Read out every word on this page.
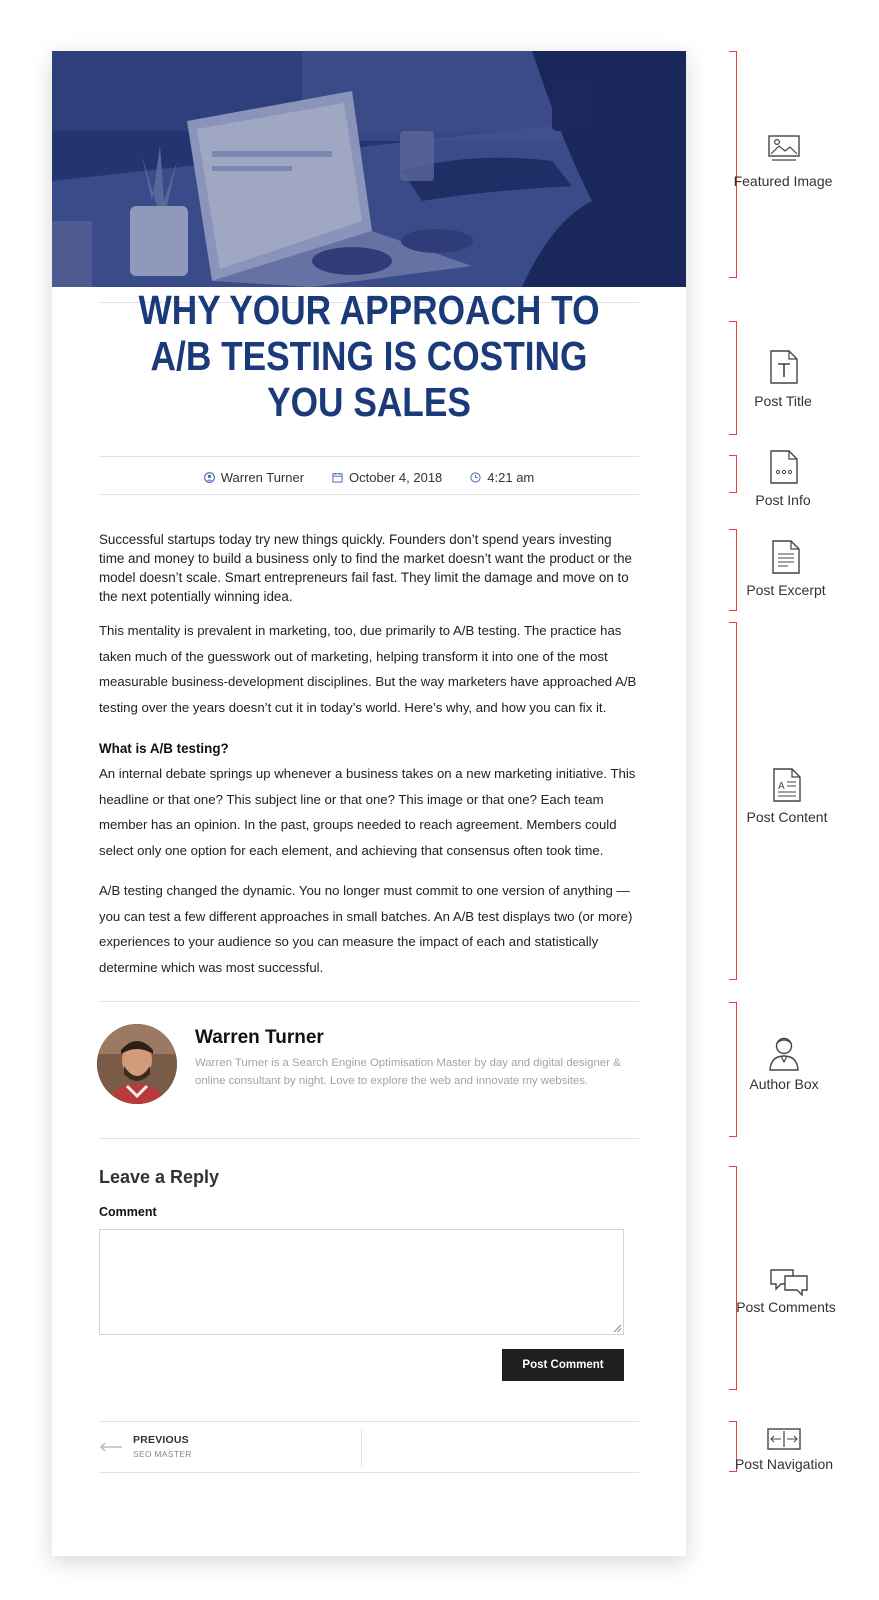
WHY YOUR APPROACH TO A/B TESTING IS COSTING YOU SALES
Warren Turner	October 4, 2018	4:21 am

Successful startups today try new things quickly. Founders don’t spend years investing time and money to build a business only to find the market doesn’t want the product or the model doesn’t scale. Smart entrepreneurs fail fast. They limit the damage and move on to the next potentially winning idea.

This mentality is prevalent in marketing, too, due primarily to A/B testing. The practice has taken much of the guesswork out of marketing, helping transform it into one of the most measurable business-development disciplines. But the way marketers have approached A/B testing over the years doesn’t cut it in today’s world. Here’s why, and how you can fix it.

What is A/B testing?

An internal debate springs up whenever a business takes on a new marketing initiative. This headline or that one? This subject line or that one? This image or that one? Each team member has an opinion. In the past, groups needed to reach agreement. Members could select only one option for each element, and achieving that consensus often took time.

A/B testing changed the dynamic. You no longer must commit to one version of anything — you can test a few different approaches in small batches. An A/B test displays two (or more) experiences to your audience so you can measure the impact of each and statistically determine which was most successful.

Warren Turner

Warren Turner is a Search Engine Optimisation Master by day and digital designer & online consultant by night. Love to explore the web and innovate my websites.

Leave a Reply
Comment
Post Comment
PREVIOUS
SEO MASTER
Featured Image
Post Title
Post Info
Post Excerpt
A
Post Content
Author Box
Post Comments
Post Navigation
